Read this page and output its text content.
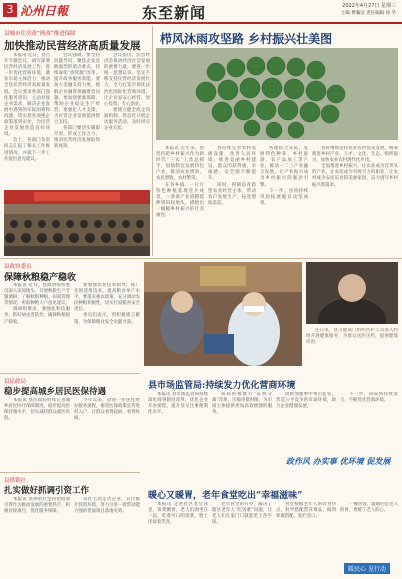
3 沁州日報	东至新闻	2022年4月27日 星期三
主编 曹瀚洁 责任编辑 徐 华
县城市住房改“两改”推进保障
加快推动民营经济高质量发展

本报讯 近日，县召开专题会议，研究部署民营经济发展工作，进一步优化营商环境，激发市场主体活力，推动全县民营经济高质量发展。会议要求各部门强化服务意识，主动对接企业需求，解决企业发展中遇到的实际困难和问题，切实把各项惠企政策落到实处，为民营企业发展创造良好环境。

会上，各部门负责同志汇报了相关工作推进情况，并就下一步工作提出意见建议。

会议强调，要坚持问题导向，聚焦企业反映强烈的堵点难点，持续深化“放管服”改革，提升政务服务效能。要加大金融支持力度，缓解企业融资难融资贵问题。要加强要素保障，帮助企业稳定生产经营。要强化人才支撑，为民营企业发展提供智力支持。

各部门要切实履职尽责，形成工作合力，推动民营经济发展取得新成效。

会议指出，民营经济是推动经济社会发展的重要力量，要进一步统一思想认识，坚定不移支持民营经济发展壮大，全力打造市场化法治化国际化营商环境，让企业家安心经营、放心投资、专心创业。

要建立健全政企沟通机制，常态化开展走访服务活动，及时回应企业关切。

栉风沐雨攻坚路 乡村振兴壮美图

本报讯 近年来，县坚持把乡村振兴作为新时代“三农”工作总抓手，因地制宜发展特色产业，推动农业增效、农民增收、农村繁荣。

在各乡镇，一片片特色种植基地连片成景，一条条产业道路延伸到田间地头，描绘出一幅幅乡村振兴的壮美画卷。

县持续完善农村基础设施，改善人居环境，推进美丽乡村建设，群众的获得感、幸福感、安全感不断提升。

同时，积极培育新型农业经营主体，带动农户发展生产，拓宽增收渠道。

各地结合实际，发展特色种养、乡村旅游、农产品加工等产业，推动一二三产业融合发展，让产业振兴成为乡村振兴的强劲引擎。

下一步，县将持续巩固拓展脱贫攻坚成果。

县将继续坚持农业农村优先发展，统筹推进乡村产业、人才、文化、生态、组织振兴，加快农业农村现代化步伐。

全面推进乡村振兴，让农业成为有奔头的产业，让农民成为有吸引力的职业，让农村成为安居乐业的美丽家园，奋力谱写乡村振兴新篇章。

县政协委员
保障秋粮稳产稳收

本报讯 近日，县政协组织委员深入田间地头，开展秋粮生产专题调研，了解秋粮种植、田间管理等情况，听取种粮大户意见建议。

调研组要求，要强化科技服务，抓好病虫害防治，确保秋粮稳产稳收。

要加强农业技术指导，推广先进适用技术，提高粮食单产水平。要落实惠农政策，充分调动农民种粮积极性，切实扛稳粮食安全责任。

委员们表示，将积极建言献策，为保障粮食安全贡献力量。

连日来，县卫健部门组织医护人员深入村组开展健康服务，为群众送医送药，提供健康咨询。

县民政局
稳步提高城乡居民医保待遇

本报讯 县民政局持续完善城乡居民医疗保障制度，稳步提高医保待遇水平，切实减轻群众就医负担。

今年以来，县进一步优化经办服务流程，推进医保政策宣传进村入户，让群众看得起病、看得好病。

县市场监管局:持续发力优化营商环境

本报讯 县市场监管局持续深化商事制度改革，优化企业开办流程，提升登记注册便利化水平。

该局积极推行“证照分离”改革，压缩审批时限，为市场主体提供更加高效便捷的服务。

同时加强事中事后监管，营造公平竞争的市场环境，助力企业健康发展。

下一步，该局将持续发力，不断优化营商环境。

政作风 办实事 优环境 促发展
县供销社
扎实做好抓调引资工作

本报讯 县供销社坚持把招商引资作为推动发展的重要抓手，积极对接项目，优化服务保障。

该社主动走访企业，宣传推介投资环境，努力引进一批带动能力强的优质项目落地见效。

暖心又暖胃，老年食堂吃出“幸福滋味”

本报讯 走进社区老年食堂，饭菜飘香，老人们围坐在一起，吃着可口的饭菜，脸上洋溢着笑容。

老年食堂的开办，解决了辖区老年人“吃饭难”问题，让老人们在家门口就能吃上热乎饭。

食堂根据老年人的饮食特点，科学搭配营养菜品，做到荤素搭配、软烂适口。

一餐热饭，温暖的是老人的胃，更暖了老人的心。

暖民心 见行动
